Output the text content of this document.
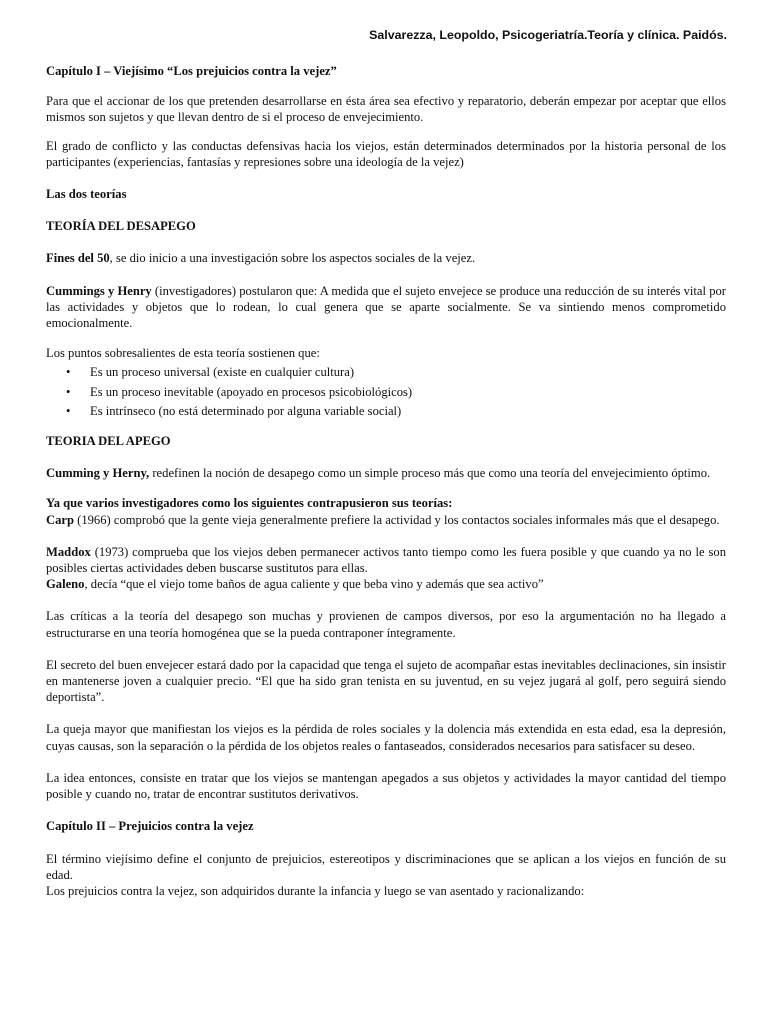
Salvarezza, Leopoldo, Psicogeriatría.Teoría y clínica. Paidós.

Capítulo I – Viejísimo “Los prejuicios contra la vejez”

Para que el accionar de los que pretenden desarrollarse en ésta área sea efectivo y reparatorio, deberán empezar por aceptar que ellos mismos son sujetos y que llevan dentro de si el proceso de envejecimiento.

El grado de conflicto y las conductas defensivas hacia los viejos, están determinados determinados por la historia personal de los participantes (experiencias, fantasías y represiones sobre una ideología de la vejez)

Las dos teorías

TEORÍA DEL DESAPEGO

Fines del 50, se dio inicio a una investigación sobre los aspectos sociales de la vejez.

Cummings y Henry (investigadores) postularon que: A medida que el sujeto envejece se produce una reducción de su interés vital por las actividades y objetos que lo rodean, lo cual genera que se aparte socialmente. Se va sintiendo menos comprometido emocionalmente.

Los puntos sobresalientes de esta teoría sostienen que:

• Es un proceso universal (existe en cualquier cultura)
• Es un proceso inevitable (apoyado en procesos psicobiológicos)
• Es intrínseco (no está determinado por alguna variable social)

TEORIA DEL APEGO

Cumming y Herny, redefinen la noción de desapego como un simple proceso más que como una teoría del envejecimiento óptimo.

Ya que varios investigadores como los siguientes contrapusieron sus teorías:

Carp (1966) comprobó que la gente vieja generalmente prefiere la actividad y los contactos sociales informales más que el desapego.

Maddox (1973) comprueba que los viejos deben permanecer activos tanto tiempo como les fuera posible y que cuando ya no le son posibles ciertas actividades deben buscarse sustitutos para ellas.

Galeno, decía “que el viejo tome baños de agua caliente y que beba vino y además que sea activo”

Las críticas a la teoría del desapego son muchas y provienen de campos diversos, por eso la argumentación no ha llegado a estructurarse en una teoría homogénea que se la pueda contraponer íntegramente.

El secreto del buen envejecer estará dado por la capacidad que tenga el sujeto de acompañar estas inevitables declinaciones, sin insistir en mantenerse joven a cualquier precio. “El que ha sido gran tenista en su juventud, en su vejez jugará al golf, pero seguirá siendo deportista”.

La queja mayor que manifiestan los viejos es la pérdida de roles sociales y la dolencia más extendida en esta edad, esa la depresión, cuyas causas, son la separación o la pérdida de los objetos reales o fantaseados, considerados necesarios para satisfacer su deseo.

La idea entonces, consiste en tratar que los viejos se mantengan apegados a sus objetos y actividades la mayor cantidad del tiempo posible y cuando no, tratar de encontrar sustitutos derivativos.

Capítulo II – Prejuicios contra la vejez

El término viejísimo define el conjunto de prejuicios, estereotipos y discriminaciones que se aplican a los viejos en función de su edad.

Los prejuicios contra la vejez, son adquiridos durante la infancia y luego se van asentado y racionalizando:
